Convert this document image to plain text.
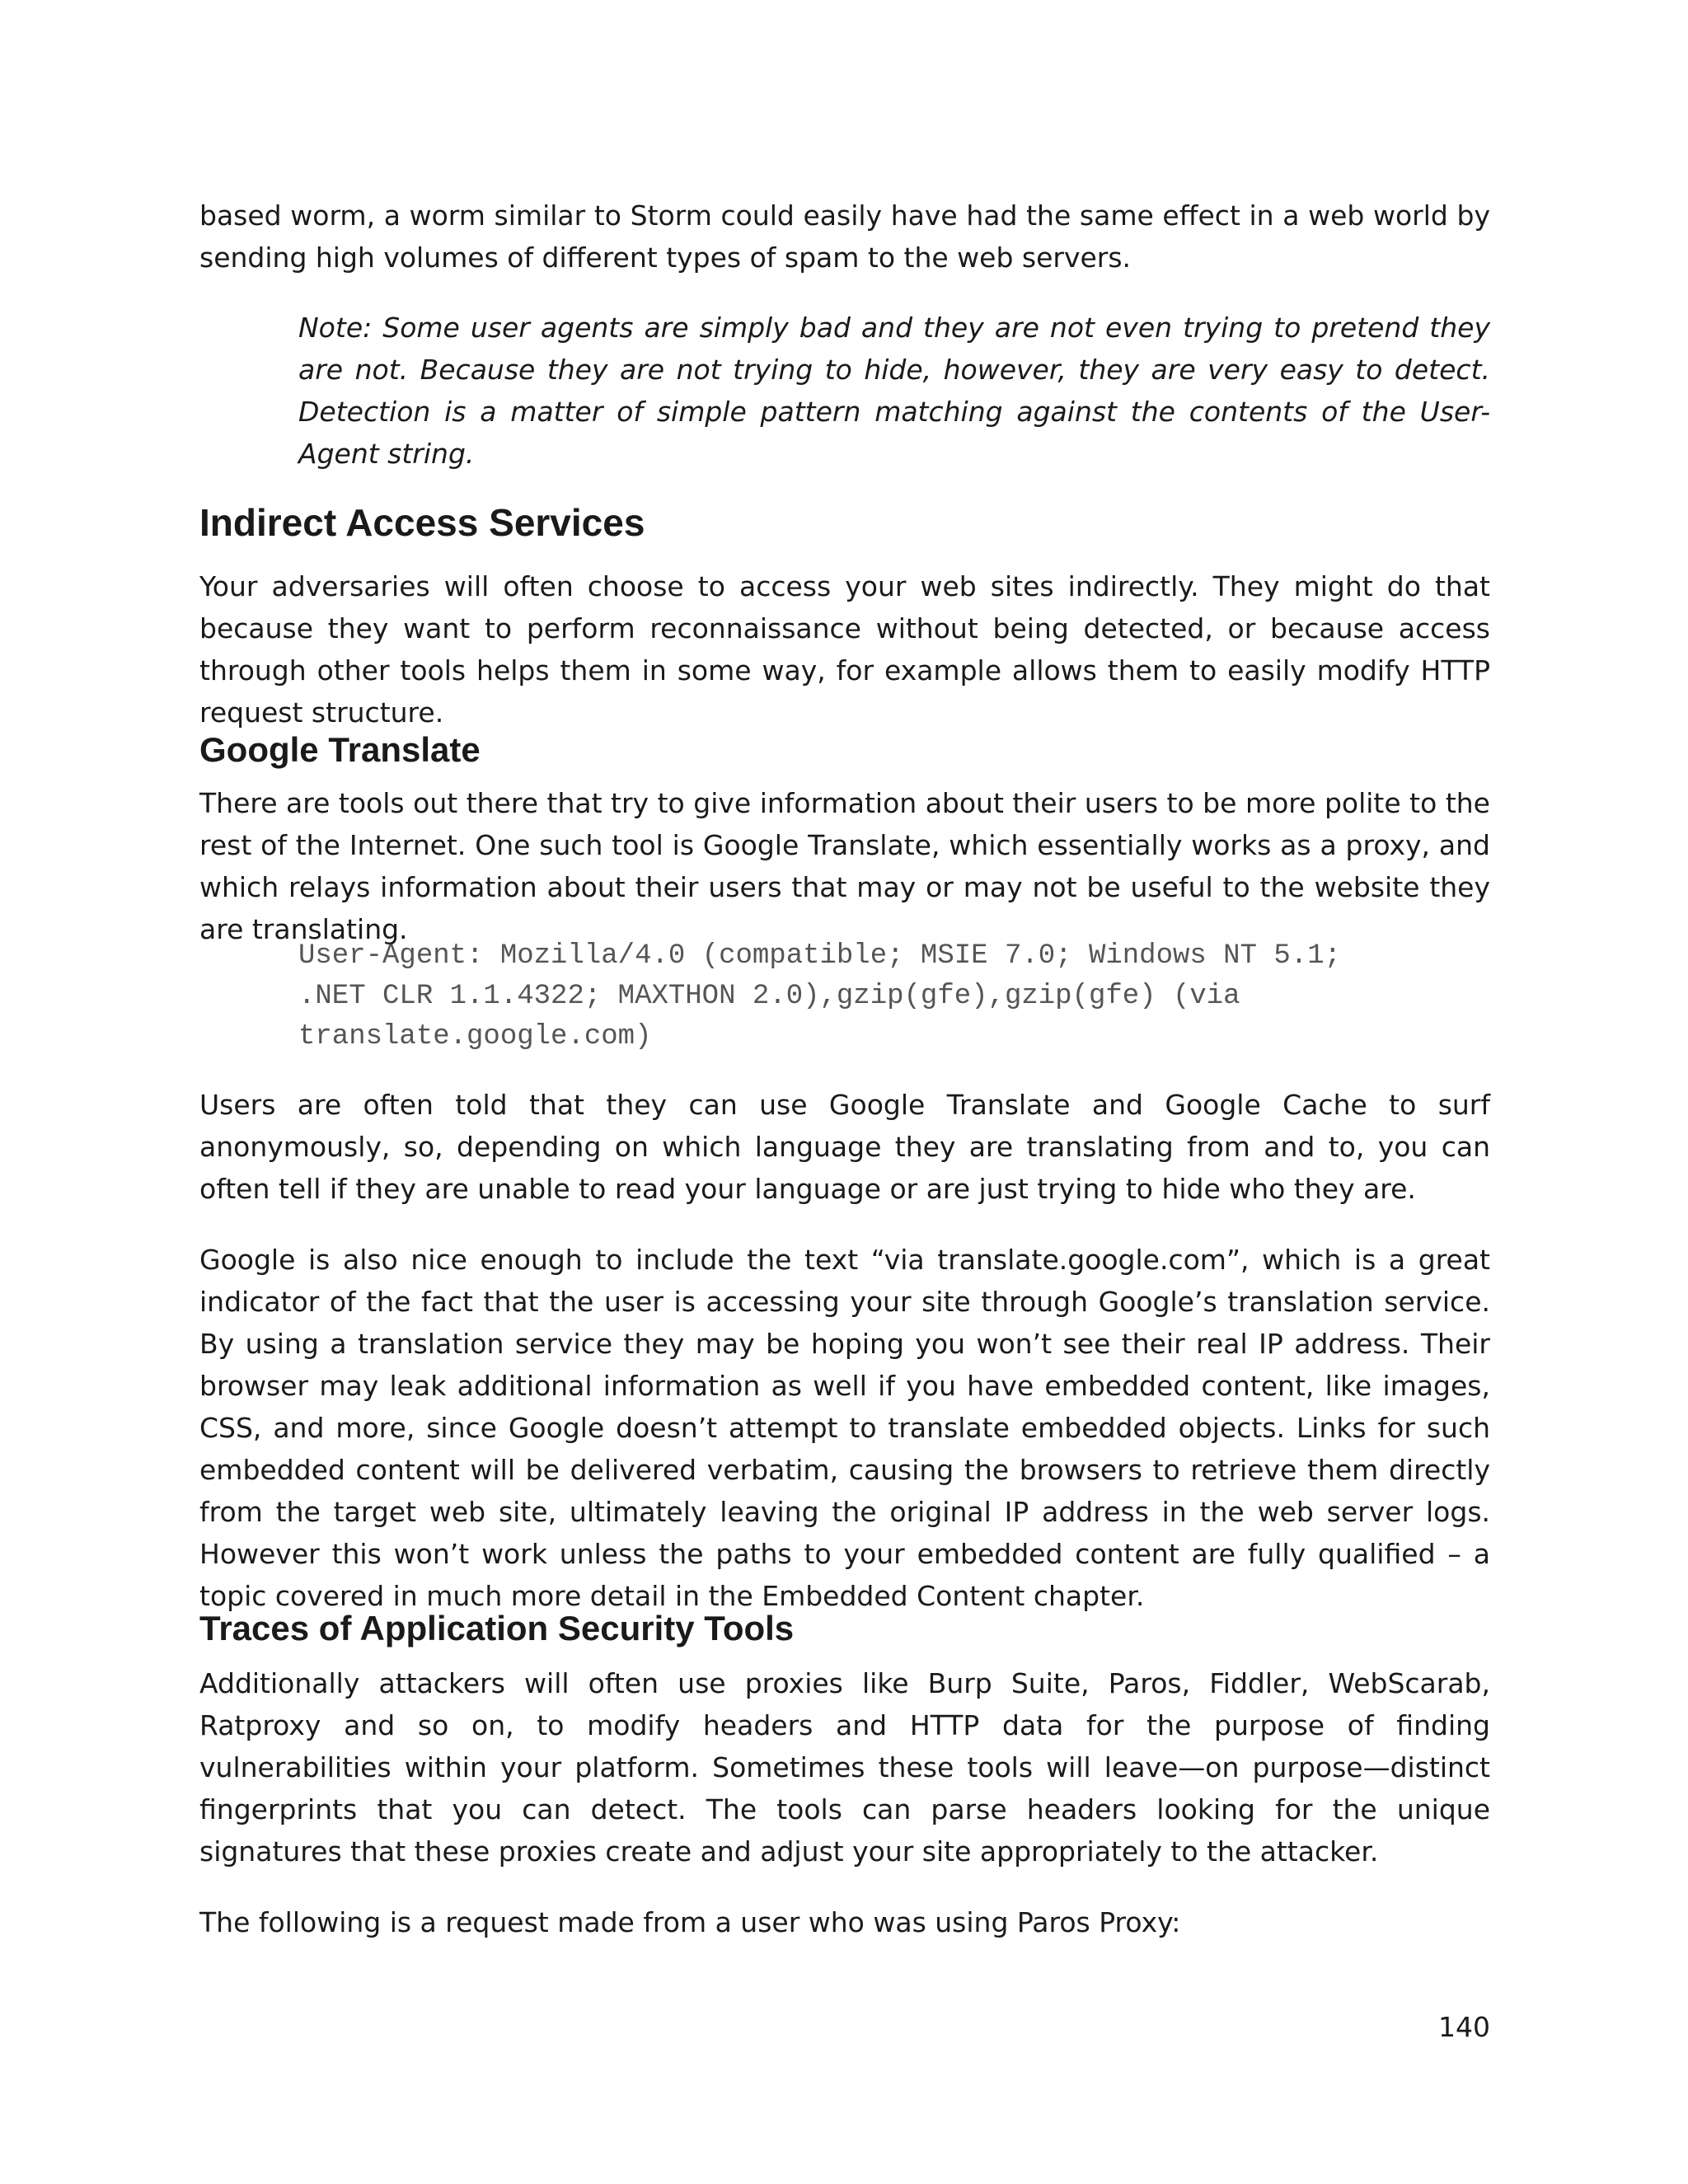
based worm, a worm similar to Storm could easily have had the same effect in a web world by sending high volumes of different types of spam to the web servers.

Note: Some user agents are simply bad and they are not even trying to pretend they are not. Because they are not trying to hide, however, they are very easy to detect. Detection is a matter of simple pattern matching against the contents of the User-Agent string.

Indirect Access Services

Your adversaries will often choose to access your web sites indirectly. They might do that because they want to perform reconnaissance without being detected, or because access through other tools helps them in some way, for example allows them to easily modify HTTP request structure.

Google Translate

There are tools out there that try to give information about their users to be more polite to the rest of the Internet. One such tool is Google Translate, which essentially works as a proxy, and which relays information about their users that may or may not be useful to the website they are translating.

User-Agent: Mozilla/4.0 (compatible; MSIE 7.0; Windows NT 5.1;
.NET CLR 1.1.4322; MAXTHON 2.0),gzip(gfe),gzip(gfe) (via
translate.google.com)

Users are often told that they can use Google Translate and Google Cache to surf anonymously, so, depending on which language they are translating from and to, you can often tell if they are unable to read your language or are just trying to hide who they are.

Google is also nice enough to include the text “via translate.google.com”, which is a great indicator of the fact that the user is accessing your site through Google’s translation service. By using a translation service they may be hoping you won’t see their real IP address. Their browser may leak additional information as well if you have embedded content, like images, CSS, and more, since Google doesn’t attempt to translate embedded objects. Links for such embedded content will be delivered verbatim, causing the browsers to retrieve them directly from the target web site, ultimately leaving the original IP address in the web server logs. However this won’t work unless the paths to your embedded content are fully qualified – a topic covered in much more detail in the Embedded Content chapter.

Traces of Application Security Tools

Additionally attackers will often use proxies like Burp Suite, Paros, Fiddler, WebScarab, Ratproxy and so on, to modify headers and HTTP data for the purpose of finding vulnerabilities within your platform. Sometimes these tools will leave—on purpose—distinct fingerprints that you can detect. The tools can parse headers looking for the unique signatures that these proxies create and adjust your site appropriately to the attacker.

The following is a request made from a user who was using Paros Proxy:

140
